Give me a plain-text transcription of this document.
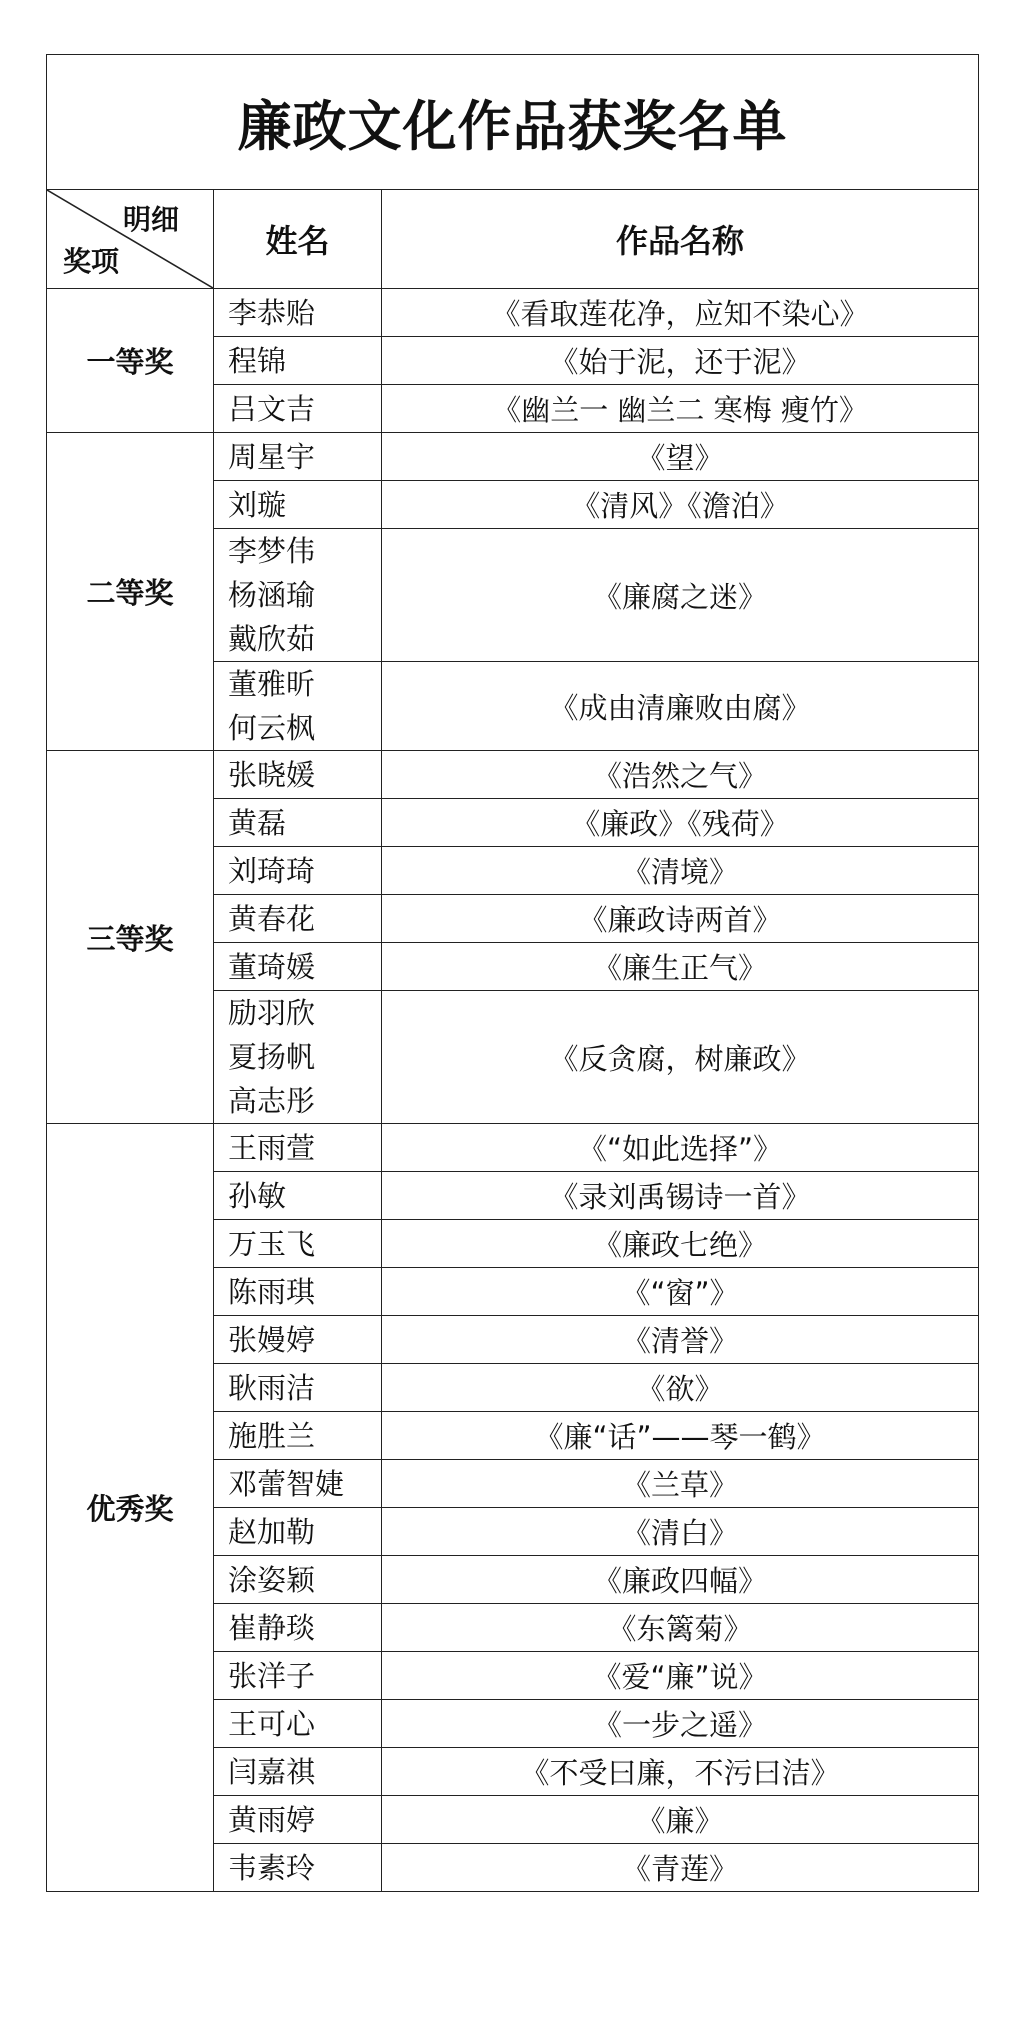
廉政文化作品获奖名单		

明细
奖项	姓名	作品名称
一等奖	李恭贻	《看取莲花净，应知不染心》

	程锦	《始于泥，还于泥》

	吕文吉	《幽兰一 幽兰二 寒梅 瘦竹》
二等奖	周星宇	《望》

	刘璇	《清风》《澹泊》

	李梦伟
杨涵瑜
戴欣茹	《廉腐之迷》

	董雅昕
何云枫	《成由清廉败由腐》
三等奖	张晓媛	《浩然之气》

	黄磊	《廉政》《残荷》

	刘琦琦	《清境》

	黄春花	《廉政诗两首》

	董琦媛	《廉生正气》

	励羽欣
夏扬帆
高志彤	《反贪腐，树廉政》
优秀奖	王雨萱	《“如此选择”》

	孙敏	《录刘禹锡诗一首》

	万玉飞	《廉政七绝》

	陈雨琪	《“窗”》

	张嫚婷	《清誉》

	耿雨洁	《欲》

	施胜兰	《廉“话”——琴一鹤》

	邓蕾智婕	《兰草》

	赵加勒	《清白》

	涂姿颖	《廉政四幅》

	崔静琰	《东篱菊》

	张洋子	《爱“廉”说》

	王可心	《一步之遥》

	闫嘉祺	《不受曰廉，不污曰洁》

	黄雨婷	《廉》

	韦素玲	《青莲》
